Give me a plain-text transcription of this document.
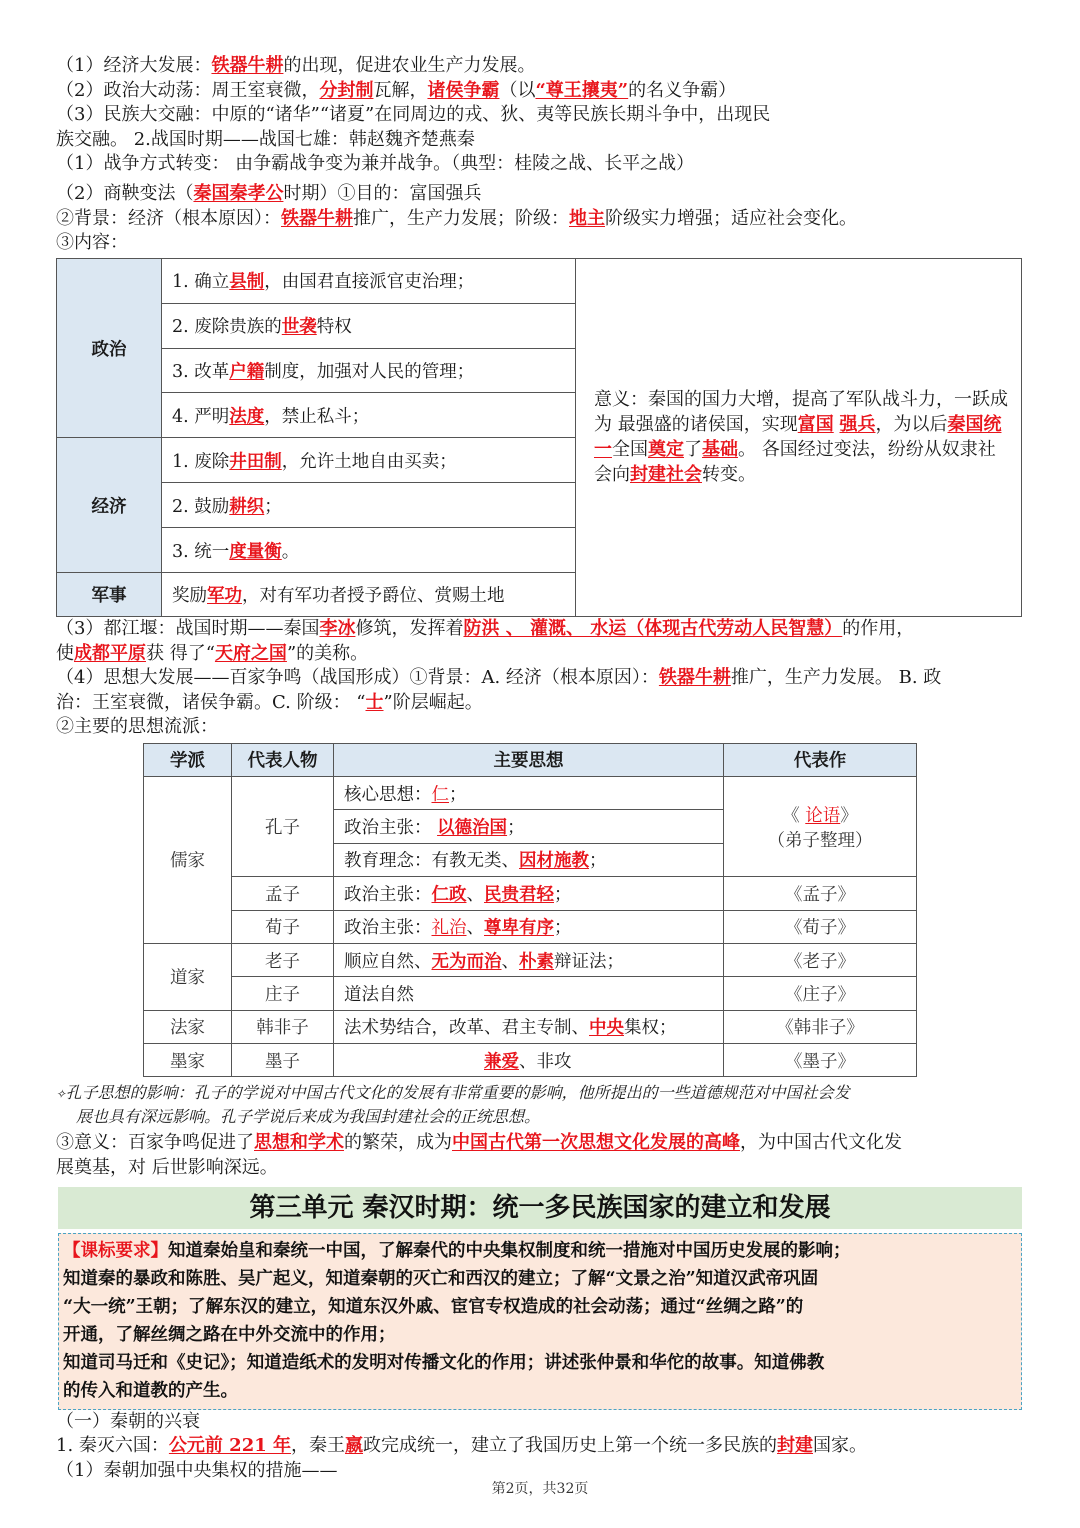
（1）经济大发展：铁器牛耕的出现，促进农业生产力发展。
（2）政治大动荡：周王室衰微，分封制瓦解，诸侯争霸（以“尊王攘夷”的名义争霸）
（3）民族大交融：中原的“诸华”“诸夏”在同周边的戎、狄、夷等民族长期斗争中，出现民
族交融。 2.战国时期——战国七雄：韩赵魏齐楚燕秦
（1）战争方式转变： 由争霸战争变为兼并战争。（典型：桂陵之战、长平之战）
（2）商鞅变法（秦国秦孝公时期）①目的：富国强兵
②背景：经济（根本原因）：铁器牛耕推广，生产力发展；阶级：地主阶级实力增强；适应社会变化。
③内容：
政治	1. 确立县制，由国君直接派官吏治理；	意义：秦国的国力大增，提高了军队战斗力，一跃成为 最强盛的诸侯国，实现富国 强兵，为以后秦国统一全国奠定了基础。 各国经过变法，纷纷从奴隶社会向封建社会转变。
	2. 废除贵族的世袭特权	
	3. 改革户籍制度，加强对人民的管理；	
	4. 严明法度，禁止私斗；	
经济	1. 废除井田制，允许土地自由买卖；	
	2. 鼓励耕织；	
	3. 统一度量衡。	
军事	奖励军功，对有军功者授予爵位、赏赐土地	
（3）都江堰：战国时期——秦国李冰修筑，发挥着防洪 、 灌溉、 水运（体现古代劳动人民智慧）的作用，
使成都平原获 得了“天府之国”的美称。
（4）思想大发展——百家争鸣（战国形成）①背景：A. 经济（根本原因）：铁器牛耕推广，生产力发展。 B. 政
治：王室衰微，诸侯争霸。C. 阶级： “士”阶层崛起。
②主要的思想流派：
学派	代表人物	主要思想	代表作
儒家	孔子	核心思想：仁；	《 论语》
（弟子整理）

		政治主张： 以德治国；	
		教育理念：有教无类、因材施教；	
	孟子	政治主张：仁政、民贵君轻；	《孟子》
	荀子	政治主张：礼治、尊卑有序；	《荀子》
道家	老子	顺应自然、无为而治、朴素辩证法；	《老子》
	庄子	道法自然	《庄子》
法家	韩非子	法术势结合，改革、君主专制、中央集权；	《韩非子》
墨家	墨子	兼爱、非攻	《墨子》
✧孔子思想的影响：孔子的学说对中国古代文化的发展有非常重要的影响，他所提出的一些道德规范对中国社会发
展也具有深远影响。孔子学说后来成为我国封建社会的正统思想。
③意义：百家争鸣促进了思想和学术的繁荣，成为中国古代第一次思想文化发展的高峰，为中国古代文化发
展奠基，对 后世影响深远。
第三单元 秦汉时期：统一多民族国家的建立和发展
【课标要求】知道秦始皇和秦统一中国，了解秦代的中央集权制度和统一措施对中国历史发展的影响；
知道秦的暴政和陈胜、吴广起义，知道秦朝的灭亡和西汉的建立；了解“文景之治”知道汉武帝巩固
“大一统”王朝；了解东汉的建立，知道东汉外戚、宦官专权造成的社会动荡；通过“丝绸之路”的
开通，了解丝绸之路在中外交流中的作用；
知道司马迁和《史记》；知道造纸术的发明对传播文化的作用；讲述张仲景和华佗的故事。知道佛教
的传入和道教的产生。
（一）秦朝的兴衰
1. 秦灭六国：公元前 221 年，秦王嬴政完成统一，建立了我国历史上第一个统一多民族的封建国家。
（1）秦朝加强中央集权的措施——
第2页，共32页
